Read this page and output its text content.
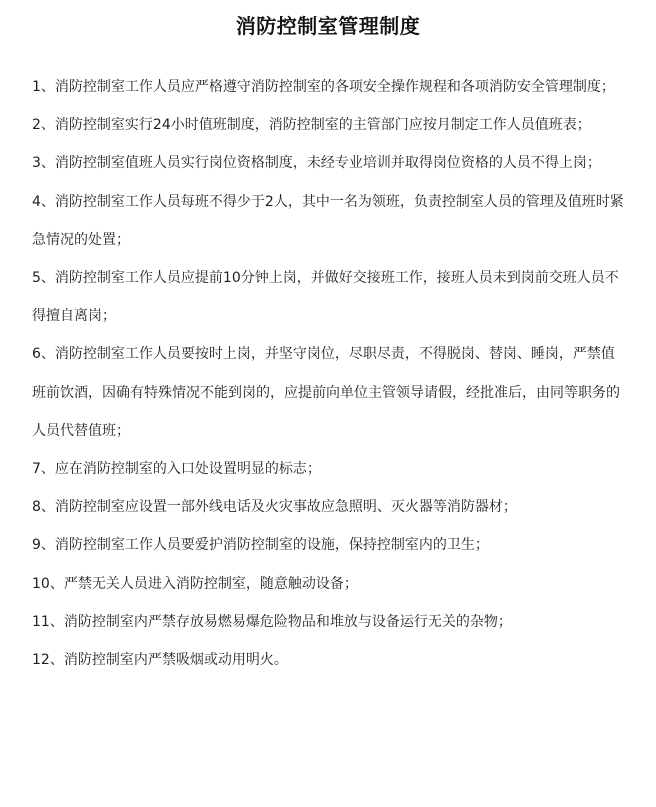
消防控制室管理制度
1、消防控制室工作人员应严格遵守消防控制室的各项安全操作规程和各项消防安全管理制度；
2、消防控制室实行24小时值班制度，消防控制室的主管部门应按月制定工作人员值班表；
3、消防控制室值班人员实行岗位资格制度，未经专业培训并取得岗位资格的人员不得上岗；
4、消防控制室工作人员每班不得少于2人，其中一名为领班，负责控制室人员的管理及值班时紧急情况的处置；
5、消防控制室工作人员应提前10分钟上岗，并做好交接班工作，接班人员未到岗前交班人员不得擅自离岗；
6、消防控制室工作人员要按时上岗，并坚守岗位，尽职尽责，不得脱岗、替岗、睡岗，严禁值班前饮酒，因确有特殊情况不能到岗的，应提前向单位主管领导请假，经批准后，由同等职务的人员代替值班；
7、应在消防控制室的入口处设置明显的标志；
8、消防控制室应设置一部外线电话及火灾事故应急照明、灭火器等消防器材；
9、消防控制室工作人员要爱护消防控制室的设施，保持控制室内的卫生；
10、严禁无关人员进入消防控制室，随意触动设备；
11、消防控制室内严禁存放易燃易爆危险物品和堆放与设备运行无关的杂物；
12、消防控制室内严禁吸烟或动用明火。
